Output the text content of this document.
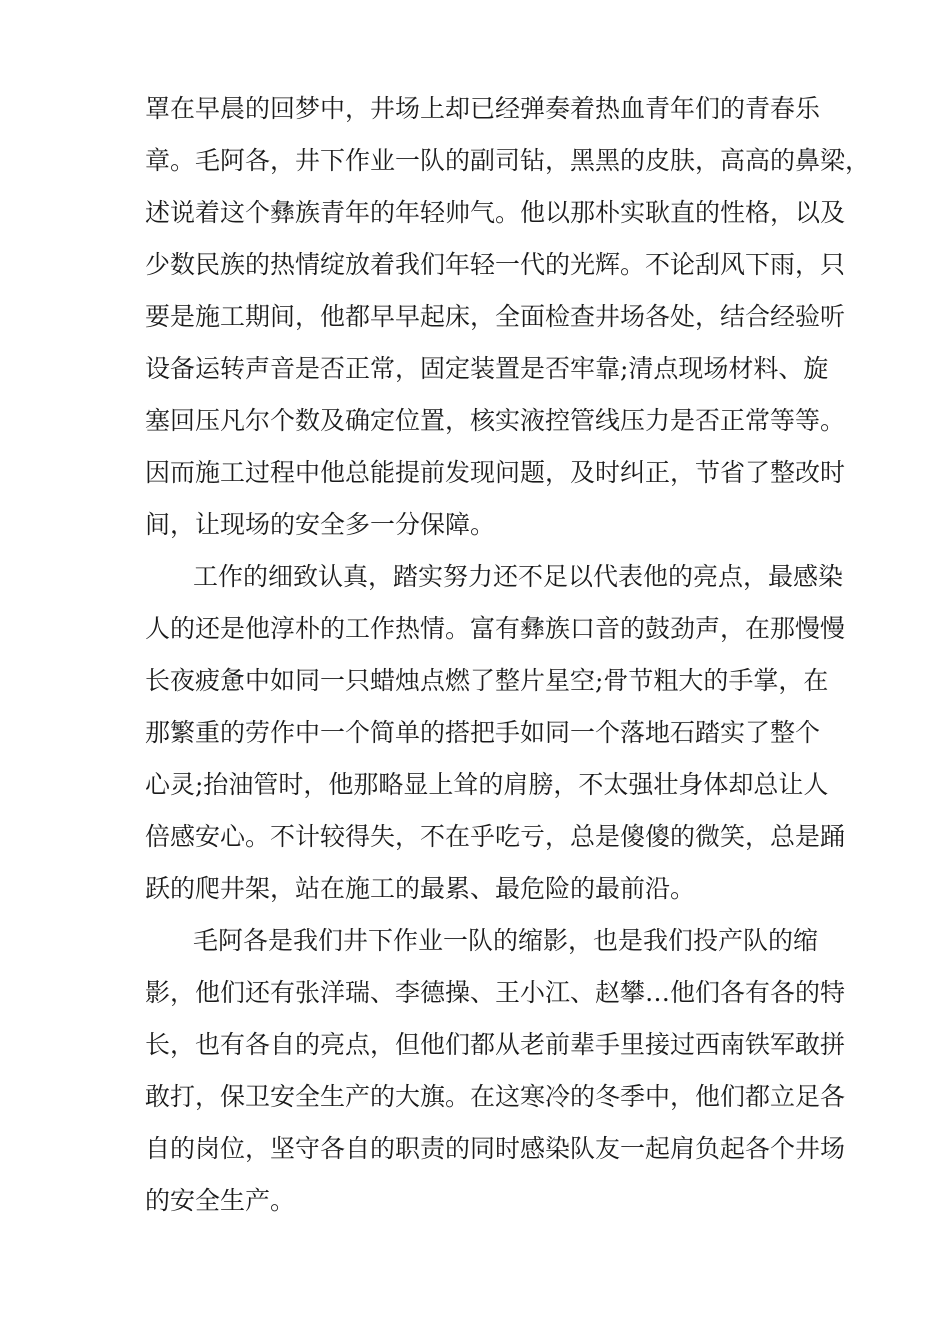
罩在早晨的回梦中，井场上却已经弹奏着热血青年们的青春乐
章。毛阿各，井下作业一队的副司钻，黑黑的皮肤，高高的鼻梁，
述说着这个彝族青年的年轻帅气。他以那朴实耿直的性格，以及
少数民族的热情绽放着我们年轻一代的光辉。不论刮风下雨，只
要是施工期间，他都早早起床，全面检查井场各处，结合经验听
设备运转声音是否正常，固定装置是否牢靠;清点现场材料、旋
塞回压凡尔个数及确定位置，核实液控管线压力是否正常等等。
因而施工过程中他总能提前发现问题，及时纠正，节省了整改时
间，让现场的安全多一分保障。
工作的细致认真，踏实努力还不足以代表他的亮点，最感染
人的还是他淳朴的工作热情。富有彝族口音的鼓劲声，在那慢慢
长夜疲惫中如同一只蜡烛点燃了整片星空;骨节粗大的手掌，在
那繁重的劳作中一个简单的搭把手如同一个落地石踏实了整个
心灵;抬油管时，他那略显上耸的肩膀，不太强壮身体却总让人
倍感安心。不计较得失，不在乎吃亏，总是傻傻的微笑，总是踊
跃的爬井架，站在施工的最累、最危险的最前沿。
毛阿各是我们井下作业一队的缩影，也是我们投产队的缩
影，他们还有张洋瑞、李德操、王小江、赵攀…他们各有各的特
长，也有各自的亮点，但他们都从老前辈手里接过西南铁军敢拼
敢打，保卫安全生产的大旗。在这寒冷的冬季中，他们都立足各
自的岗位，坚守各自的职责的同时感染队友一起肩负起各个井场
的安全生产。
